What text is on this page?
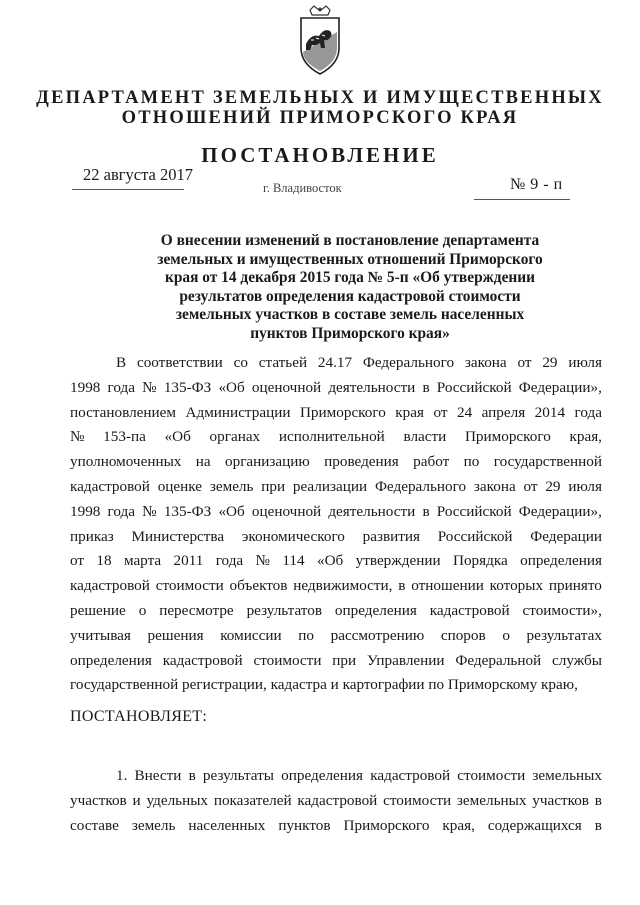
ДЕПАРТАМЕНТ ЗЕМЕЛЬНЫХ И ИМУЩЕСТВЕННЫХ
ОТНОШЕНИЙ ПРИМОРСКОГО КРАЯ
ПОСТАНОВЛЕНИЕ
22 августа 2017
г. Владивосток	№ 9 - п
О внесении изменений в постановление департамента
земельных и имущественных отношений Приморского
края от 14 декабря 2015 года № 5-п «Об утверждении
результатов определения кадастровой стоимости
земельных участков в составе земель населенных
пунктов Приморского края»
В соответствии со статьей 24.17 Федерального закона от 29 июля
1998 года № 135-ФЗ «Об оценочной деятельности в Российской Федерации»,
постановлением Администрации Приморского края от 24 апреля 2014 года
№ 153-па «Об органах исполнительной власти Приморского края,
уполномоченных на организацию проведения работ по государственной
кадастровой оценке земель при реализации Федерального закона от 29 июля
1998 года № 135-ФЗ «Об оценочной деятельности в Российской Федерации»,
приказ Министерства экономического развития Российской Федерации
от 18 марта 2011 года № 114 «Об утверждении Порядка определения
кадастровой стоимости объектов недвижимости, в отношении которых принято
решение о пересмотре результатов определения кадастровой стоимости»,
учитывая решения комиссии по рассмотрению споров о результатах
определения кадастровой стоимости при Управлении Федеральной службы
государственной регистрации, кадастра и картографии по Приморскому краю,
ПОСТАНОВЛЯЕТ:
1. Внести в результаты определения кадастровой стоимости земельных
участков и удельных показателей кадастровой стоимости земельных участков в
составе земель населенных пунктов Приморского края, содержащихся в
